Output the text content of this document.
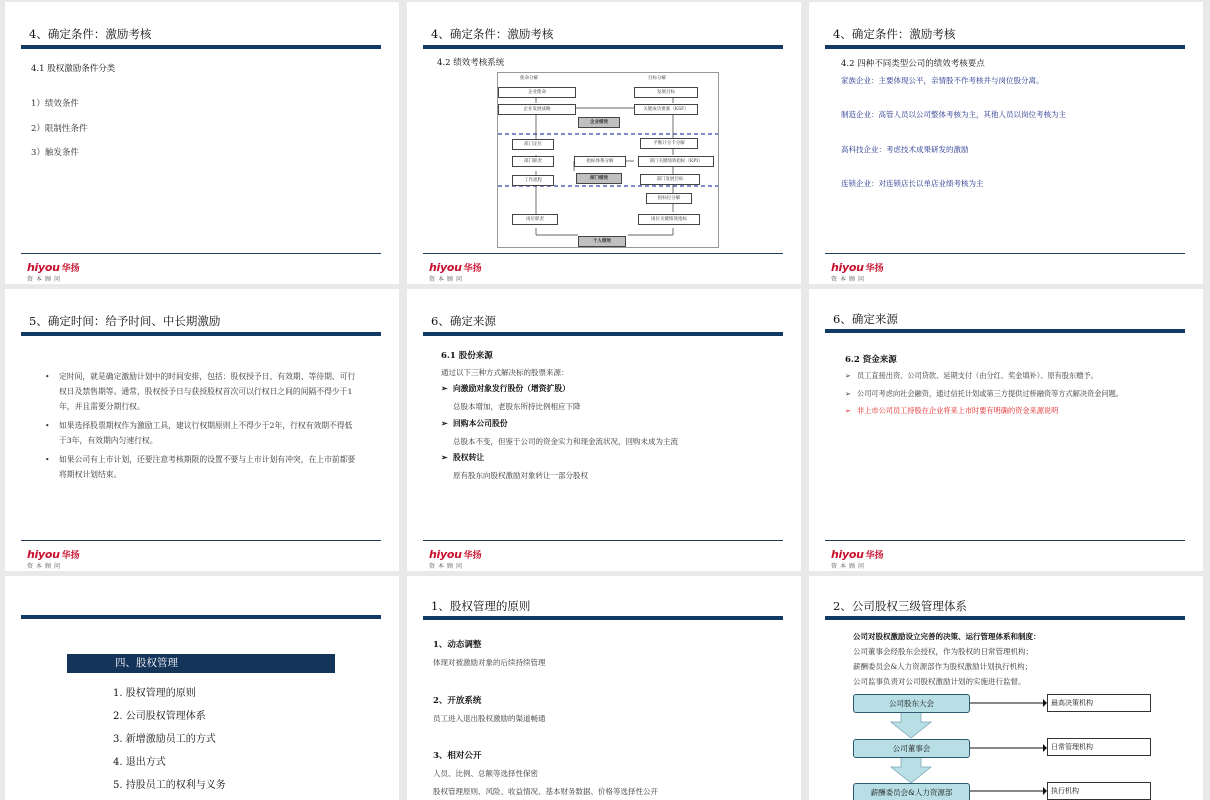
4、确定条件：激励考核
4.1 股权激励条件分类
1）绩效条件
2）限制性条件
3）触发条件
hiyou 华扬
资本顾问
4、确定条件：激励考核
4.2 绩效考核系统
使命分解	目标分解
企业使命	发展目标
企业发展战略	关键成功要素（KSF）
企业绩效
部门定位	平衡计分卡分解
部门职责	指标体系分解	部门关键绩效指标（KPI）
工作流程	部门绩效	部门发展目标
指标位分解
岗位职责	岗位关键绩效指标
个人绩效
hiyou 华扬
资本顾问
4、确定条件：激励考核
4.2 四种不同类型公司的绩效考核要点
家族企业：主要体现公平，亲情股不作考核并与岗位股分离。
制造企业：高管人员以公司整体考核为主，其他人员以岗位考核为主
高科技企业：考虑技术成果研发的激励
连锁企业：对连锁店长以单店业绩考核为主
hiyou 华扬
资本顾问
5、确定时间：给予时间、中长期激励
• 定时间，就是确定激励计划中的时间安排，包括：股权授予日、有效期、等待期、可行
权日及禁售期等。通常，股权授予日与获授股权首次可以行权日之间的间隔不得少于1
年，并且需要分期行权。
• 如果选择股票期权作为激励工具，建议行权期原则上不得少于2年，行权有效期不得低
于3年，有效期内匀速行权。
• 如果公司有上市计划，还要注意考核期限的设置不要与上市计划有冲突，在上市前都要
将期权计划结束。
hiyou 华扬
资本顾问
6、确定来源
6.1 股份来源
通过以下三种方式解决标的股票来源：
➢ 向激励对象发行股份（增资扩股）
总股本增加，老股东所持比例相应下降
➢ 回购本公司股份
总股本不变，但鉴于公司的资金实力和现金流状况，回购未成为主流
➢ 股权转让
原有股东向股权激励对象转让一部分股权
hiyou 华扬
资本顾问
6、确定来源
6.2 资金来源
➢ 员工直接出资、公司贷款、延期支付（由分红、奖金填补）、原有股东赠予。
➢ 公司可考虑向社会融资，通过信托计划或第三方提供过桥融资等方式解决资金问题。
➢ 非上市公司员工持股在企业将来上市时要有明确的资金来源说明
hiyou 华扬
资本顾问
四、股权管理
1. 股权管理的原则
2. 公司股权管理体系
3. 新增激励员工的方式
4. 退出方式
5. 持股员工的权利与义务
1、股权管理的原则
1、动态调整
体现对被激励对象的后续持续管理
2、开放系统
员工进入退出股权激励的渠道畅通
3、相对公开
人员、比例、总额等选择性保密
股权管理原则、风险、收益情况、基本财务数据、价格等选择性公开
2、公司股权三级管理体系
公司对股权激励设立完善的决策、运行管理体系和制度：
公司董事会经股东会授权，作为股权的日常管理机构；
薪酬委员会&人力资源部作为股权激励计划执行机构；
公司监事负责对公司股权激励计划的实施进行监督。
公司股东大会
公司董事会
薪酬委员会&人力资源部
最高决策机构
日常管理机构
执行机构
